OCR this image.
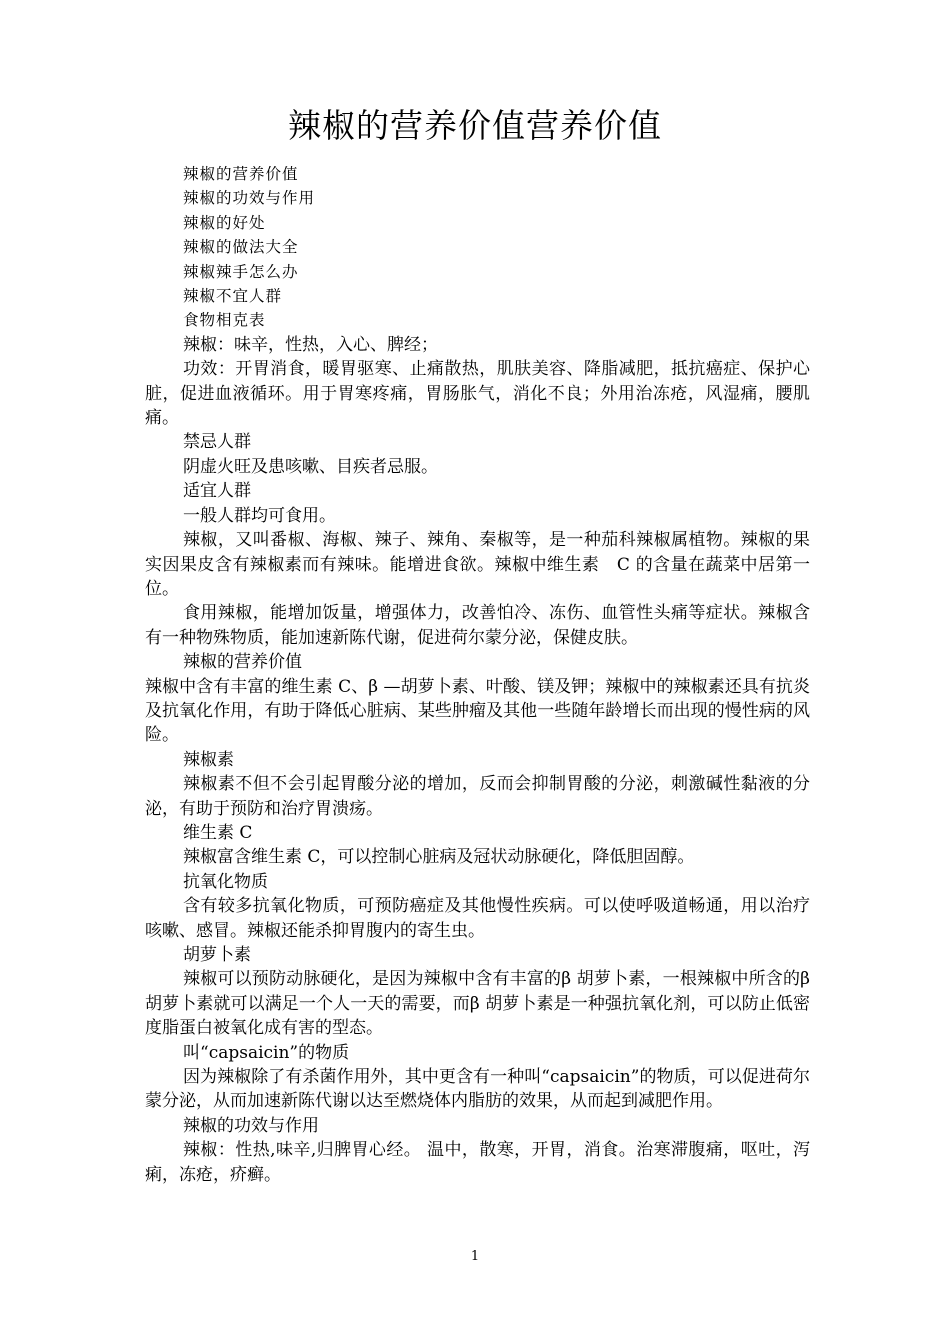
辣椒的营养价值营养价值

辣椒的营养价值

辣椒的功效与作用

辣椒的好处

辣椒的做法大全

辣椒辣手怎么办

辣椒不宜人群

食物相克表

辣椒：味辛，性热，入心、脾经；

功效：开胃消食，暖胃驱寒、止痛散热，肌肤美容、降脂减肥，抵抗癌症、保护心脏，促进血液循环。用于胃寒疼痛，胃肠胀气，消化不良；外用治冻疮，风湿痛，腰肌痛。

禁忌人群

阴虚火旺及患咳嗽、目疾者忌服。

适宜人群

一般人群均可食用。

辣椒，又叫番椒、海椒、辣子、辣角、秦椒等，是一种茄科辣椒属植物。辣椒的果实因果皮含有辣椒素而有辣味。能增进食欲。辣椒中维生素　C 的含量在蔬菜中居第一位。

食用辣椒，能增加饭量，增强体力，改善怕冷、冻伤、血管性头痛等症状。辣椒含有一种物殊物质，能加速新陈代谢，促进荷尔蒙分泌，保健皮肤。

辣椒的营养价值

辣椒中含有丰富的维生素 C、β —胡萝卜素、叶酸、镁及钾；辣椒中的辣椒素还具有抗炎及抗氧化作用，有助于降低心脏病、某些肿瘤及其他一些随年龄增长而出现的慢性病的风险。

辣椒素

辣椒素不但不会引起胃酸分泌的增加，反而会抑制胃酸的分泌，刺激碱性黏液的分泌，有助于预防和治疗胃溃疡。

维生素 C

辣椒富含维生素 C，可以控制心脏病及冠状动脉硬化，降低胆固醇。

抗氧化物质

含有较多抗氧化物质，可预防癌症及其他慢性疾病。可以使呼吸道畅通，用以治疗咳嗽、感冒。辣椒还能杀抑胃腹内的寄生虫。

胡萝卜素

辣椒可以预防动脉硬化，是因为辣椒中含有丰富的β 胡萝卜素，一根辣椒中所含的β 胡萝卜素就可以满足一个人一天的需要，而β 胡萝卜素是一种强抗氧化剂，可以防止低密度脂蛋白被氧化成有害的型态。

叫“capsaicin”的物质

因为辣椒除了有杀菌作用外，其中更含有一种叫“capsaicin”的物质，可以促进荷尔蒙分泌，从而加速新陈代谢以达至燃烧体内脂肪的效果，从而起到减肥作用。

辣椒的功效与作用

辣椒：性热,味辛,归脾胃心经。 温中，散寒，开胃，消食。治寒滞腹痛，呕吐，泻痢，冻疮，疥癣。

1
